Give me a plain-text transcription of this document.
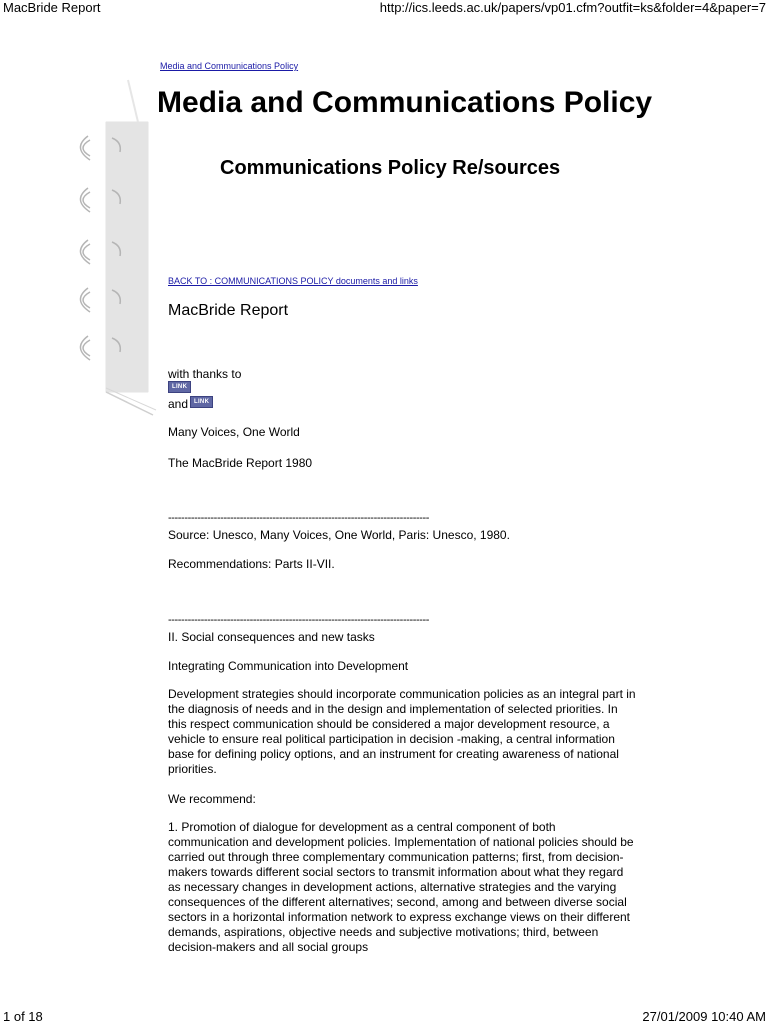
MacBride Report	http://ics.leeds.ac.uk/papers/vp01.cfm?outfit=ks&folder=4&paper=7
Media and Communications Policy
Media and Communications Policy
Communications Policy Re/sources
BACK TO : COMMUNICATIONS POLICY documents and links
MacBride Report
with thanks to
LINK
and LINK
Many Voices, One World
The MacBride Report 1980
--------------------------------------------------------------------------------
Source: Unesco, Many Voices, One World, Paris: Unesco, 1980.
Recommendations: Parts II-VII.
--------------------------------------------------------------------------------
II. Social consequences and new tasks
Integrating Communication into Development

Development strategies should incorporate communication policies as an integral part in the diagnosis of needs and in the design and implementation of selected priorities. In this respect communication should be considered a major development resource, a vehicle to ensure real political participation in decision -making, a central information base for defining policy options, and an instrument for creating awareness of national priorities.

We recommend:

1. Promotion of dialogue for development as a central component of both communication and development policies. Implementation of national policies should be carried out through three complementary communication patterns; first, from decision-makers towards different social sectors to transmit information about what they regard as necessary changes in development actions, alternative strategies and the varying consequences of the different alternatives; second, among and between diverse social sectors in a horizontal information network to express exchange views on their different demands, aspirations, objective needs and subjective motivations; third, between decision-makers and all social groups

1 of 18	27/01/2009 10:40 AM
